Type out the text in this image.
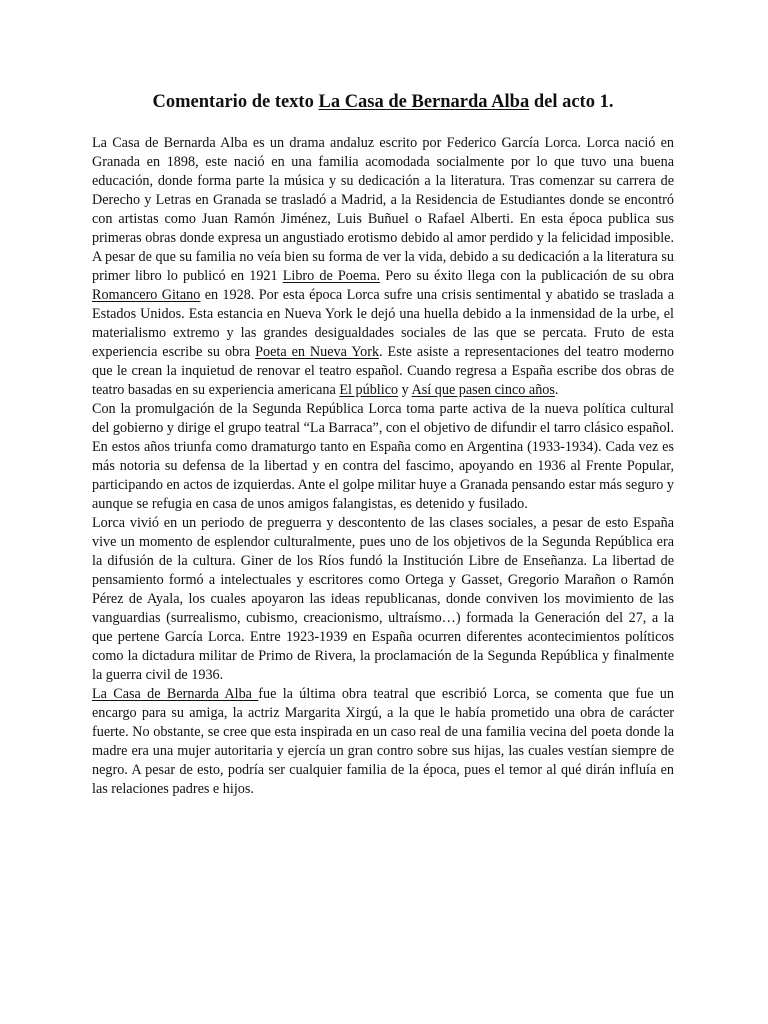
Comentario de texto La Casa de Bernarda Alba del acto 1.

La Casa de Bernarda Alba es un drama andaluz escrito por Federico García Lorca. Lorca nació en Granada en 1898, este nació en una familia acomodada socialmente por lo que tuvo una buena educación, donde forma parte la música y su dedicación a la literatura. Tras comenzar su carrera de Derecho y Letras en Granada se trasladó a Madrid, a la Residencia de Estudiantes donde se encontró con artistas como Juan Ramón Jiménez, Luis Buñuel o Rafael Alberti. En esta época publica sus primeras obras donde expresa un angustiado erotismo debido al amor perdido y la felicidad imposible. A pesar de que su familia no veía bien su forma de ver la vida, debido a su dedicación a la literatura su primer libro lo publicó en 1921 Libro de Poema. Pero su éxito llega con la publicación de su obra Romancero Gitano en 1928. Por esta época Lorca sufre una crisis sentimental y abatido se traslada a Estados Unidos. Esta estancia en Nueva York le dejó una huella debido a la inmensidad de la urbe, el materialismo extremo y las grandes desigualdades sociales de las que se percata. Fruto de esta experiencia escribe su obra Poeta en Nueva York. Este asiste a representaciones del teatro moderno que le crean la inquietud de renovar el teatro español. Cuando regresa a España escribe dos obras de teatro basadas en su experiencia americana El público y Así que pasen cinco años.

Con la promulgación de la Segunda República Lorca toma parte activa de la nueva política cultural del gobierno y dirige el grupo teatral “La Barraca”, con el objetivo de difundir el tarro clásico español. En estos años triunfa como dramaturgo tanto en España como en Argentina (1933-1934). Cada vez es más notoria su defensa de la libertad y en contra del fascimo, apoyando en 1936 al Frente Popular, participando en actos de izquierdas. Ante el golpe militar huye a Granada pensando estar más seguro y aunque se refugia en casa de unos amigos falangistas, es detenido y fusilado.

Lorca vivió en un periodo de preguerra y descontento de las clases sociales, a pesar de esto España vive un momento de esplendor culturalmente, pues uno de los objetivos de la Segunda República era la difusión de la cultura. Giner de los Ríos fundó la Institución Libre de Enseñanza. La libertad de pensamiento formó a intelectuales y escritores como Ortega y Gasset, Gregorio Marañon o Ramón Pérez de Ayala, los cuales apoyaron las ideas republicanas, donde conviven los movimiento de las vanguardias (surrealismo, cubismo, creacionismo, ultraísmo…) formada la Generación del 27, a la que pertene García Lorca. Entre 1923-1939 en España ocurren diferentes acontecimientos políticos como la dictadura militar de Primo de Rivera, la proclamación de la Segunda República y finalmente la guerra civil de 1936.

La Casa de Bernarda Alba fue la última obra teatral que escribió Lorca, se comenta que fue un encargo para su amiga, la actriz Margarita Xirgú, a la que le había prometido una obra de carácter fuerte. No obstante, se cree que esta inspirada en un caso real de una familia vecina del poeta donde la madre era una mujer autoritaria y ejercía un gran contro sobre sus hijas, las cuales vestían siempre de negro. A pesar de esto, podría ser cualquier familia de la época, pues el temor al qué dirán influía en las relaciones padres e hijos.
